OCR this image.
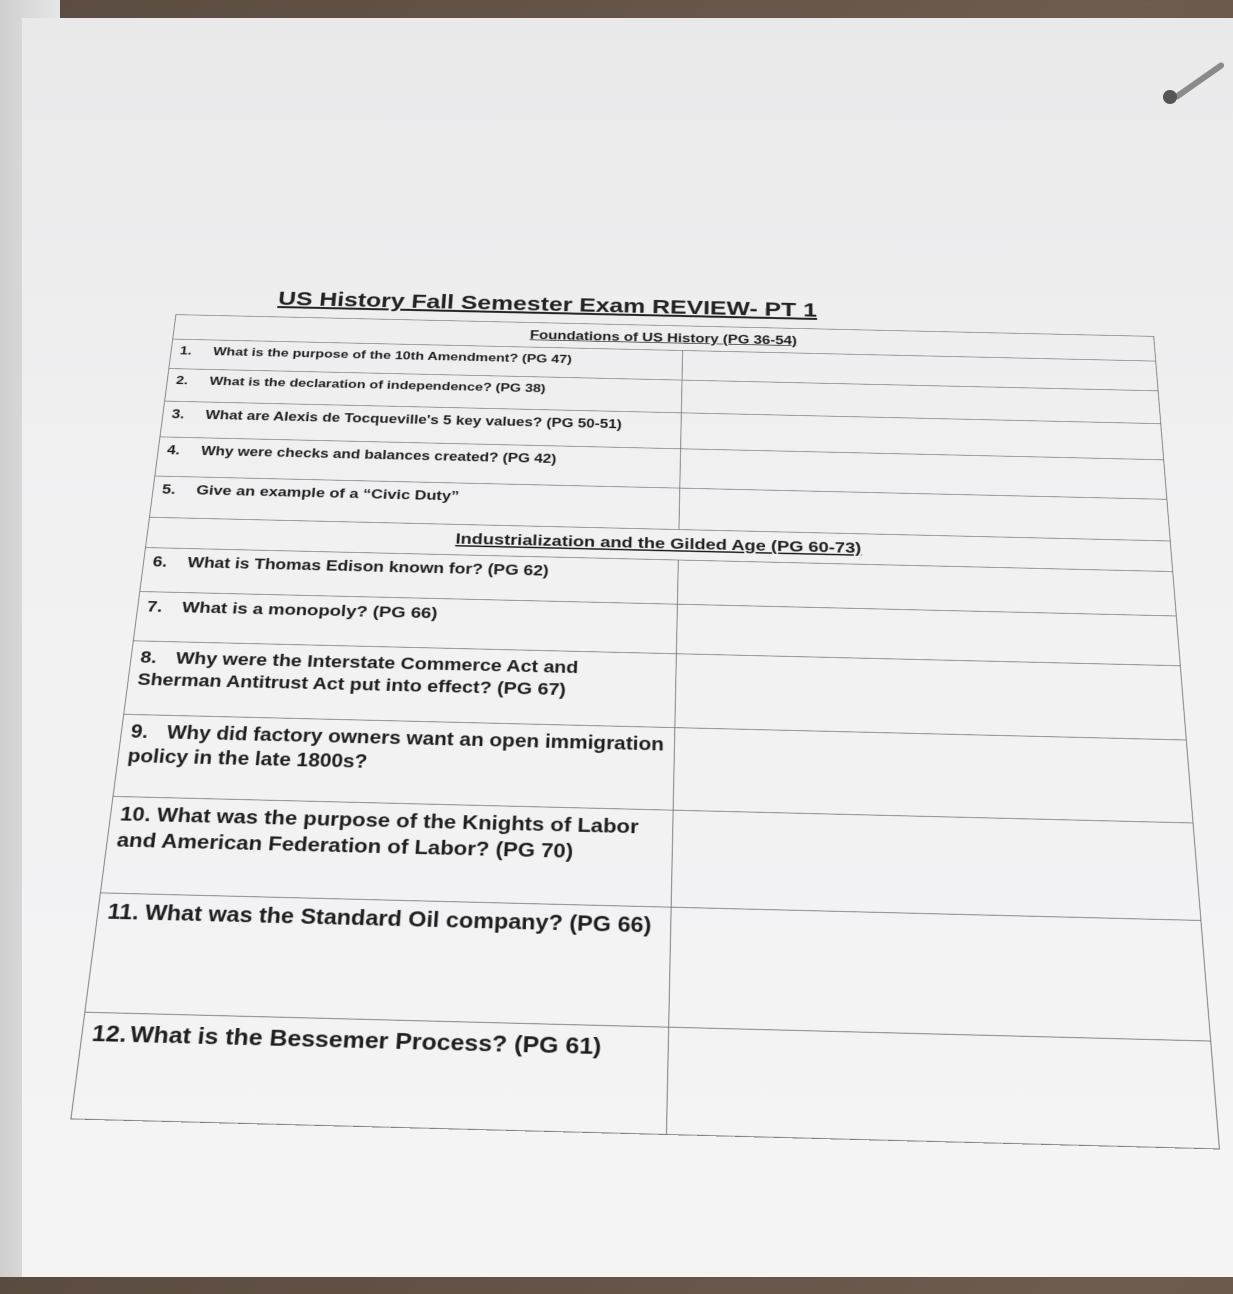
US History Fall Semester Exam REVIEW- PT 1
Foundations of US History (PG 36-54)	
1. What is the purpose of the 10th Amendment? (PG 47)	
2. What is the declaration of independence? (PG 38)	
3. What are Alexis de Tocqueville's 5 key values? (PG 50-51)	
4. Why were checks and balances created? (PG 42)	
5. Give an example of a “Civic Duty”	
Industrialization and the Gilded Age (PG 60-73)	
6. What is Thomas Edison known for? (PG 62)	
7. What is a monopoly? (PG 66)	
8. Why were the Interstate Commerce Act and Sherman Antitrust Act put into effect? (PG 67)	
9. Why did factory owners want an open immigration policy in the late 1800s?	
10. What was the purpose of the Knights of Labor and American Federation of Labor? (PG 70)	
11. What was the Standard Oil company? (PG 66)	
12.What is the Bessemer Process? (PG 61)	
